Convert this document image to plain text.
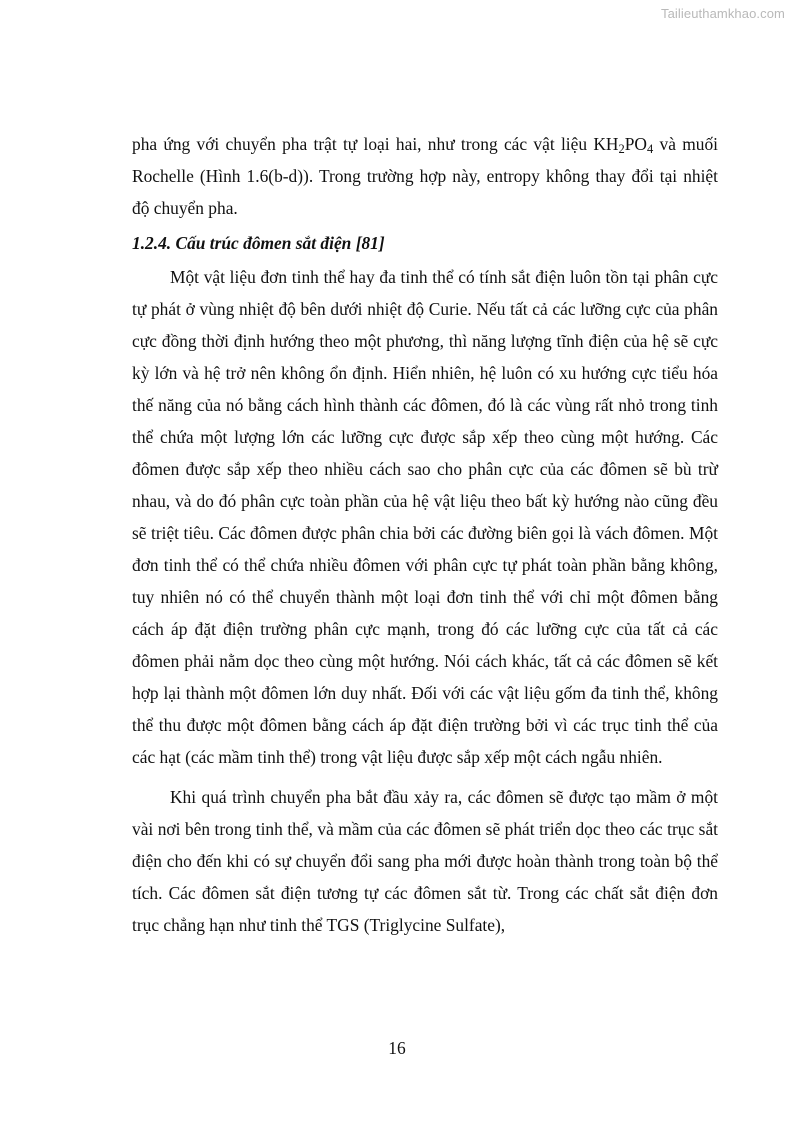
Tailieuthamkhao.com

pha ứng với chuyển pha trật tự loại hai, như trong các vật liệu $KH_2PO_4$ và muối Rochelle (Hình 1.6(b-d)). Trong trường hợp này, entropy không thay đổi tại nhiệt độ chuyển pha.

1.2.4. Cấu trúc đômen sắt điện [81]

Một vật liệu đơn tinh thể hay đa tinh thể có tính sắt điện luôn tồn tại phân cực tự phát ở vùng nhiệt độ bên dưới nhiệt độ Curie. Nếu tất cả các lưỡng cực của phân cực đồng thời định hướng theo một phương, thì năng lượng tĩnh điện của hệ sẽ cực kỳ lớn và hệ trở nên không ổn định. Hiển nhiên, hệ luôn có xu hướng cực tiểu hóa thế năng của nó bằng cách hình thành các đômen, đó là các vùng rất nhỏ trong tinh thể chứa một lượng lớn các lưỡng cực được sắp xếp theo cùng một hướng. Các đômen được sắp xếp theo nhiều cách sao cho phân cực của các đômen sẽ bù trừ nhau, và do đó phân cực toàn phần của hệ vật liệu theo bất kỳ hướng nào cũng đều sẽ triệt tiêu. Các đômen được phân chia bởi các đường biên gọi là vách đômen. Một đơn tinh thể có thể chứa nhiều đômen với phân cực tự phát toàn phần bằng không, tuy nhiên nó có thể chuyển thành một loại đơn tinh thể với chỉ một đômen bằng cách áp đặt điện trường phân cực mạnh, trong đó các lưỡng cực của tất cả các đômen phải nằm dọc theo cùng một hướng. Nói cách khác, tất cả các đômen sẽ kết hợp lại thành một đômen lớn duy nhất. Đối với các vật liệu gốm đa tinh thể, không thể thu được một đômen bằng cách áp đặt điện trường bởi vì các trục tinh thể của các hạt (các mầm tinh thể) trong vật liệu được sắp xếp một cách ngẫu nhiên.

Khi quá trình chuyển pha bắt đầu xảy ra, các đômen sẽ được tạo mầm ở một vài nơi bên trong tinh thể, và mầm của các đômen sẽ phát triển dọc theo các trục sắt điện cho đến khi có sự chuyển đổi sang pha mới được hoàn thành trong toàn bộ thể tích. Các đômen sắt điện tương tự các đômen sắt từ. Trong các chất sắt điện đơn trục chẳng hạn như tinh thể TGS (Triglycine Sulfate),

16
